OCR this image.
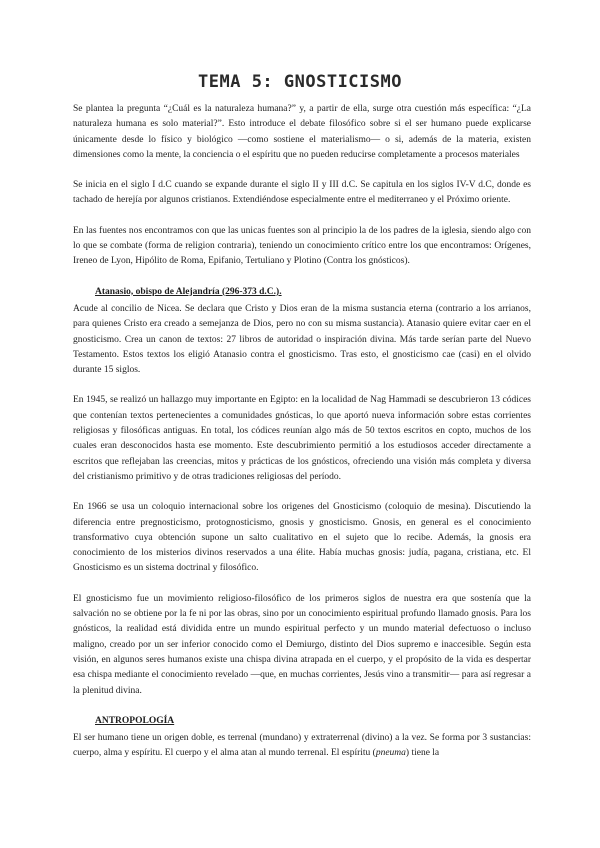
TEMA 5: GNOSTICISMO

Se plantea la pregunta “¿Cuál es la naturaleza humana?” y, a partir de ella, surge otra cuestión más específica: “¿La naturaleza humana es solo material?”. Esto introduce el debate filosófico sobre si el ser humano puede explicarse únicamente desde lo físico y biológico —como sostiene el materialismo— o si, además de la materia, existen dimensiones como la mente, la conciencia o el espíritu que no pueden reducirse completamente a procesos materiales

Se inicia en el siglo I d.C cuando se expande durante el siglo II y III d.C. Se capitula en los siglos IV-V d.C, donde es tachado de herejía por algunos cristianos. Extendiéndose especialmente entre el mediterraneo y el Próximo oriente.

En las fuentes nos encontramos con que las unicas fuentes son al principio la de los padres de la iglesia, siendo algo con lo que se combate (forma de religion contraria), teniendo un conocimiento crítico entre los que encontramos: Orígenes, Ireneo de Lyon, Hipólito de Roma, Epifanio, Tertuliano y Plotino (Contra los gnósticos).

Atanasio, obispo de Alejandría (296-373 d.C.).

Acude al concilio de Nicea. Se declara que Cristo y Dios eran de la misma sustancia eterna (contrario a los arrianos, para quienes Cristo era creado a semejanza de Dios, pero no con su misma sustancia). Atanasio quiere evitar caer en el gnosticismo. Crea un canon de textos: 27 libros de autoridad o inspiración divina. Más tarde serían parte del Nuevo Testamento. Estos textos los eligió Atanasio contra el gnosticismo. Tras esto, el gnosticismo cae (casi) en el olvido durante 15 siglos.

En 1945, se realizó un hallazgo muy importante en Egipto: en la localidad de Nag Hammadi se descubrieron 13 códices que contenían textos pertenecientes a comunidades gnósticas, lo que aportó nueva información sobre estas corrientes religiosas y filosóficas antiguas. En total, los códices reunían algo más de 50 textos escritos en copto, muchos de los cuales eran desconocidos hasta ese momento. Este descubrimiento permitió a los estudiosos acceder directamente a escritos que reflejaban las creencias, mitos y prácticas de los gnósticos, ofreciendo una visión más completa y diversa del cristianismo primitivo y de otras tradiciones religiosas del período.

En 1966 se usa un coloquio internacional sobre los origenes del Gnosticismo (coloquio de mesina). Discutiendo la diferencia entre pregnosticismo, protognosticismo, gnosis y gnosticismo. Gnosis, en general es el conocimiento transformativo cuya obtención supone un salto cualitativo en el sujeto que lo recibe. Además, la gnosis era conocimiento de los misterios divinos reservados a una élite. Había muchas gnosis: judía, pagana, cristiana, etc. El Gnosticismo es un sistema doctrinal y filosófico.

El gnosticismo fue un movimiento religioso-filosófico de los primeros siglos de nuestra era que sostenía que la salvación no se obtiene por la fe ni por las obras, sino por un conocimiento espiritual profundo llamado gnosis. Para los gnósticos, la realidad está dividida entre un mundo espiritual perfecto y un mundo material defectuoso o incluso maligno, creado por un ser inferior conocido como el Demiurgo, distinto del Dios supremo e inaccesible. Según esta visión, en algunos seres humanos existe una chispa divina atrapada en el cuerpo, y el propósito de la vida es despertar esa chispa mediante el conocimiento revelado —que, en muchas corrientes, Jesús vino a transmitir— para así regresar a la plenitud divina.

ANTROPOLOGÍA

El ser humano tiene un origen doble, es terrenal (mundano) y extraterrenal (divino) a la vez. Se forma por 3 sustancias: cuerpo, alma y espíritu. El cuerpo y el alma atan al mundo terrenal. El espíritu (pneuma) tiene la
